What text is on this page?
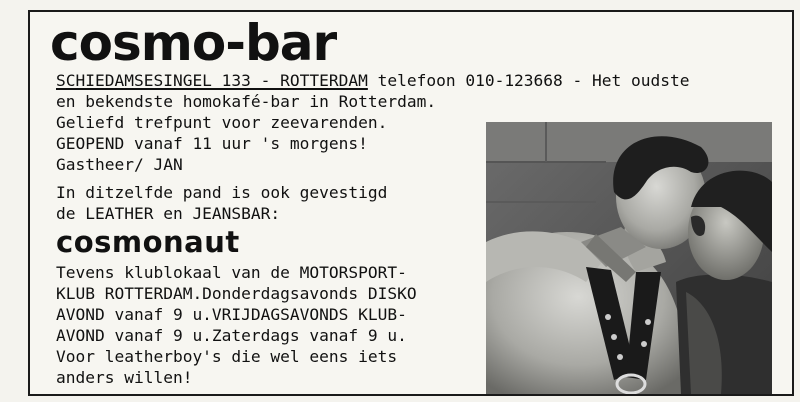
cosmo-bar
SCHIEDAMSESINGEL 133 - ROTTERDAM telefoon 010-123668 - Het oudste
en bekendste homokafé-bar in Rotterdam.
Geliefd trefpunt voor zeevarenden.
GEOPEND vanaf 11 uur 's morgens!
Gastheer/ JAN
In ditzelfde pand is ook gevestigd
de LEATHER en JEANSBAR:
cosmonaut
Tevens klublokaal van de MOTORSPORT-
KLUB ROTTERDAM.Donderdagsavonds DISKO
AVOND vanaf 9 u.VRIJDAGSAVONDS KLUB-
AVOND vanaf 9 u.Zaterdags vanaf 9 u.
Voor leatherboy's die wel eens iets
anders willen!
